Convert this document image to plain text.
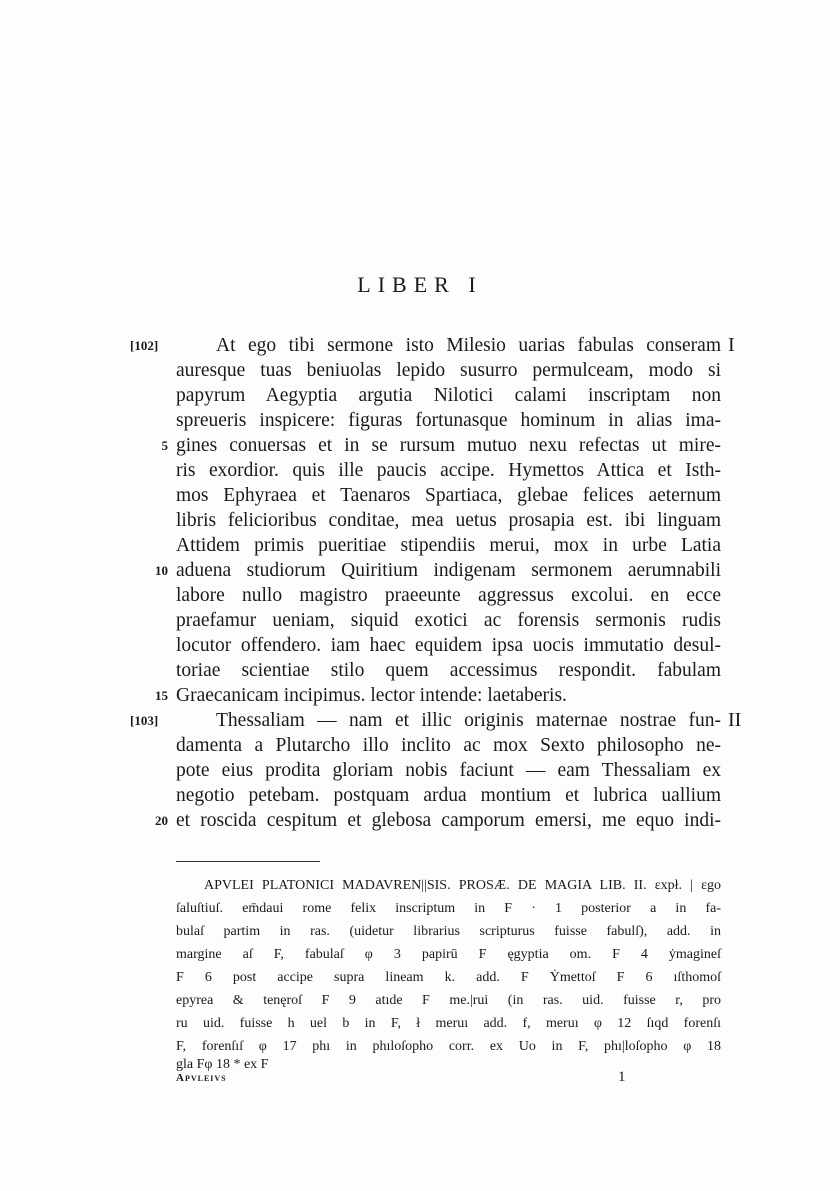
LIBER I
[102]
[103]
I
II
5
10
15
20
At ego tibi sermone isto Milesio uarias fabulas conseram
auresque tuas beniuolas lepido susurro permulceam, modo si
papyrum Aegyptia argutia Nilotici calami inscriptam non
spreueris inspicere: figuras fortunasque hominum in alias ima-
gines conuersas et in se rursum mutuo nexu refectas ut mire-
ris exordior. quis ille paucis accipe. Hymettos Attica et Isth-
mos Ephyraea et Taenaros Spartiaca, glebae felices aeternum
libris felicioribus conditae, mea uetus prosapia est. ibi linguam
Attidem primis pueritiae stipendiis merui, mox in urbe Latia
aduena studiorum Quiritium indigenam sermonem aerumnabili
labore nullo magistro praeeunte aggressus excolui. en ecce
praefamur ueniam, siquid exotici ac forensis sermonis rudis
locutor offendero. iam haec equidem ipsa uocis immutatio desul-
toriae scientiae stilo quem accessimus respondit. fabulam
Graecanicam incipimus. lector intende: laetaberis.
Thessaliam — nam et illic originis maternae nostrae fun-
damenta a Plutarcho illo inclito ac mox Sexto philosopho ne-
pote eius prodita gloriam nobis faciunt — eam Thessaliam ex
negotio petebam. postquam ardua montium et lubrica uallium
et roscida cespitum et glebosa camporum emersi, me equo indi-
APVLEI PLATONICI MADAVREN||SIS. PROSÆ. DE MAGIA LIB. II. ɛxpł. | ɛgo
ſaluſtiuſ. em̄daui rome felix inscriptum in F · 1 posterior a in fa-
bulaſ partim in ras. (uidetur librarius scripturus fuisse fabulſ), add. in
margine aſ F, fabulaſ φ 3 papirū F ęgyptia om. F 4 ẏmagineſ
F 6 post accipe supra lineam k. add. F Ẏmettoſ F 6 ıſthomoſ
epyrea & tenęroſ F 9 atıde F me.|rui (in ras. uid. fuisse r, pro
ru uid. fuisse h uel b in F, ł meruı add. f, meruı φ 12 ſıqd forenſı
F, forenſıſ φ 17 phı in phıloſopho corr. ex Uo in F, phı|loſopho φ 18
gla Fφ 18 * ex F
Apvleivs	1
